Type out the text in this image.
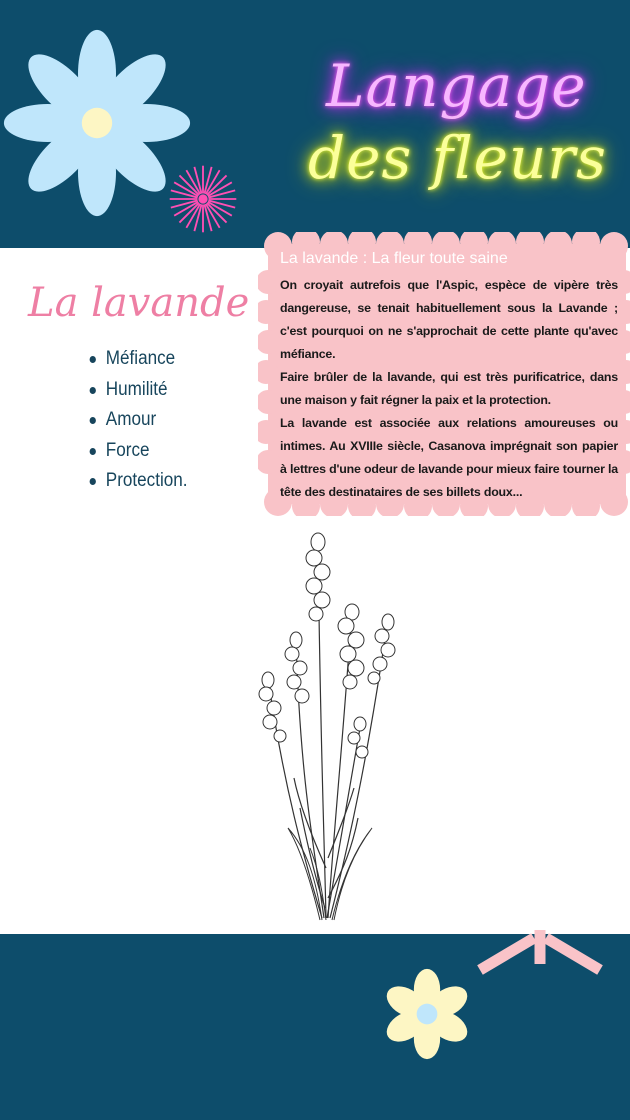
Langage
des fleurs
La lavande
Méfiance
Humilité
Amour
Force
Protection.
La lavande : La fleur toute saine

On croyait autrefois que l'Aspic, espèce de vipère très dangereuse, se tenait habituellement sous la Lavande ; c'est pourquoi on ne s'approchait de cette plante qu'avec méfiance.

Faire brûler de la lavande, qui est très purificatrice, dans une maison y fait régner la paix et la protection.

La lavande est associée aux relations amoureuses ou intimes. Au XVIIIe siècle, Casanova imprégnait son papier à lettres d'une odeur de lavande pour mieux faire tourner la tête des destinataires de ses billets doux...
